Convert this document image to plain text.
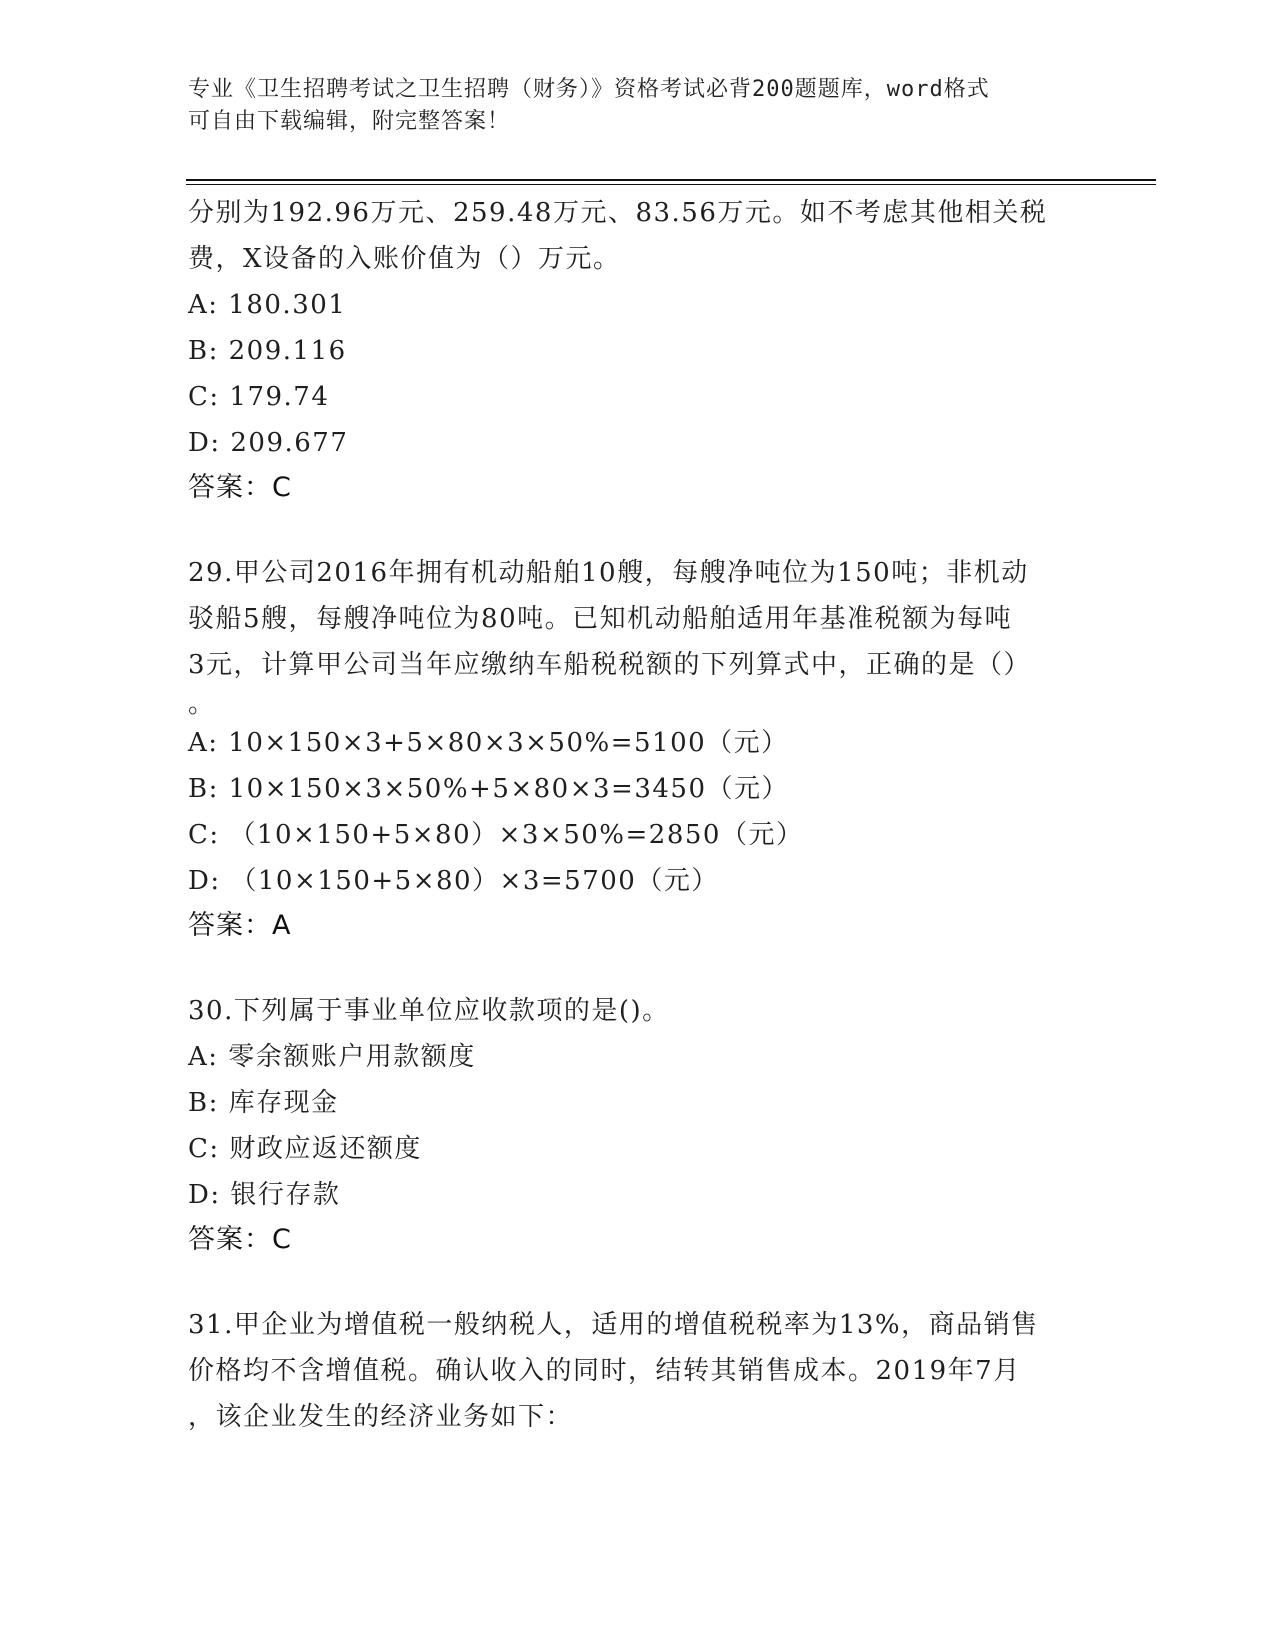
专业《卫生招聘考试之卫生招聘（财务）》资格考试必背200题题库，word格式
可自由下载编辑，附完整答案！
分别为192.96万元、259.48万元、83.56万元。如不考虑其他相关税
费，X设备的入账价值为（）万元。
A: 180.301
B: 209.116
C: 179.74
D: 209.677
答案：C
29.甲公司2016年拥有机动船舶10艘，每艘净吨位为150吨；非机动
驳船5艘，每艘净吨位为80吨。已知机动船舶适用年基准税额为每吨
3元，计算甲公司当年应缴纳车船税税额的下列算式中，正确的是（）
。
A: 10×150×3+5×80×3×50%=5100（元）
B: 10×150×3×50%+5×80×3=3450（元）
C: （10×150+5×80）×3×50%=2850（元）
D: （10×150+5×80）×3=5700（元）
答案：A
30.下列属于事业单位应收款项的是()。
A: 零余额账户用款额度
B: 库存现金
C: 财政应返还额度
D: 银行存款
答案：C
31.甲企业为增值税一般纳税人，适用的增值税税率为13%，商品销售
价格均不含增值税。确认收入的同时，结转其销售成本。2019年7月
，该企业发生的经济业务如下：
